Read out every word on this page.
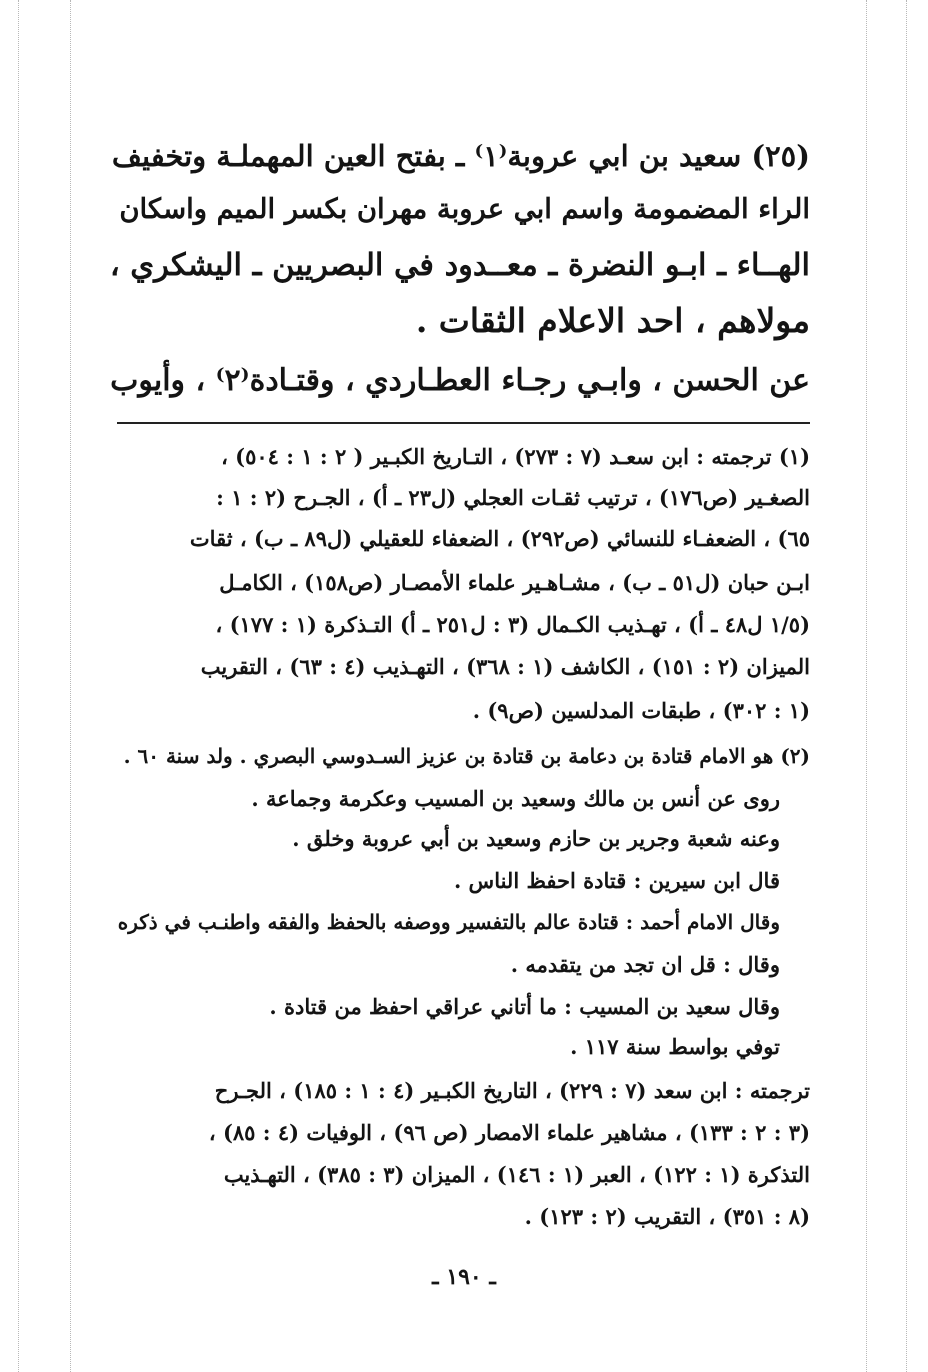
(٢٥) سعيد بن ابي عروبة⁽١⁾ ـ بفتح العين المهملـة وتخفيف
الراء المضمومة واسم ابي عروبة مهران بكسر الميم واسكان
الهــاء ـ ابـو النضرة ـ معــدود في البصريين ـ اليشكري ،
مولاهم ، احد الاعلام الثقات .
عن الحسن ، وابـي رجـاء العطـاردي ، وقتـادة⁽٢⁾ ، وأيوب
(١) ترجمته : ابن سعـد (٧ : ٢٧٣) ، التـاريخ الكبـير ( ٢ : ١ : ٥٠٤) ،
الصغـير (ص١٧٦) ، ترتيب ثقـات العجلي (ل٢٣ ـ أ) ، الجـرح (٢ : ١ :
٦٥) ، الضعفـاء للنسائي (ص٢٩٢) ، الضعفاء للعقيلي (ل٨٩ ـ ب) ، ثقات
ابـن حبان (ل٥١ ـ ب) ، مشـاهـير علماء الأمصـار (ص١٥٨) ، الكامـل
(١/٥ ل٤٨ ـ أ) ، تهـذيب الكـمال (٣ : ل٢٥١ ـ أ) التـذكرة (١ : ١٧٧) ،
الميزان (٢ : ١٥١) ، الكاشف (١ : ٣٦٨) ، التهـذيب (٤ : ٦٣) ، التقريب
(١ : ٣٠٢) ، طبقات المدلسين (ص٩) .
(٢) هو الامام قتادة بن دعامة بن قتادة بن عزيز السـدوسي البصري . ولد سنة ٦٠ .
روى عن أنس بن مالك وسعيد بن المسيب وعكرمة وجماعة .
وعنه شعبة وجرير بن حازم وسعيد بن أبي عروبة وخلق .
قال ابن سيرين : قتادة احفظ الناس .
وقال الامام أحمد : قتادة عالم بالتفسير ووصفه بالحفظ والفقه واطنـب في ذكره
وقال : قل ان تجد من يتقدمه .
وقال سعيد بن المسيب : ما أتاني عراقي احفظ من قتادة .
توفي بواسط سنة ١١٧ .
ترجمته : ابن سعد (٧ : ٢٢٩) ، التاريخ الكبـير (٤ : ١ : ١٨٥) ، الجـرح
(٣ : ٢ : ١٣٣) ، مشاهير علماء الامصار (ص ٩٦) ، الوفيات (٤ : ٨٥) ،
التذكرة (١ : ١٢٢) ، العبر (١ : ١٤٦) ، الميزان (٣ : ٣٨٥) ، التهـذيب
(٨ : ٣٥١) ، التقريب (٢ : ١٢٣) .
ـ ١٩٠ ـ
